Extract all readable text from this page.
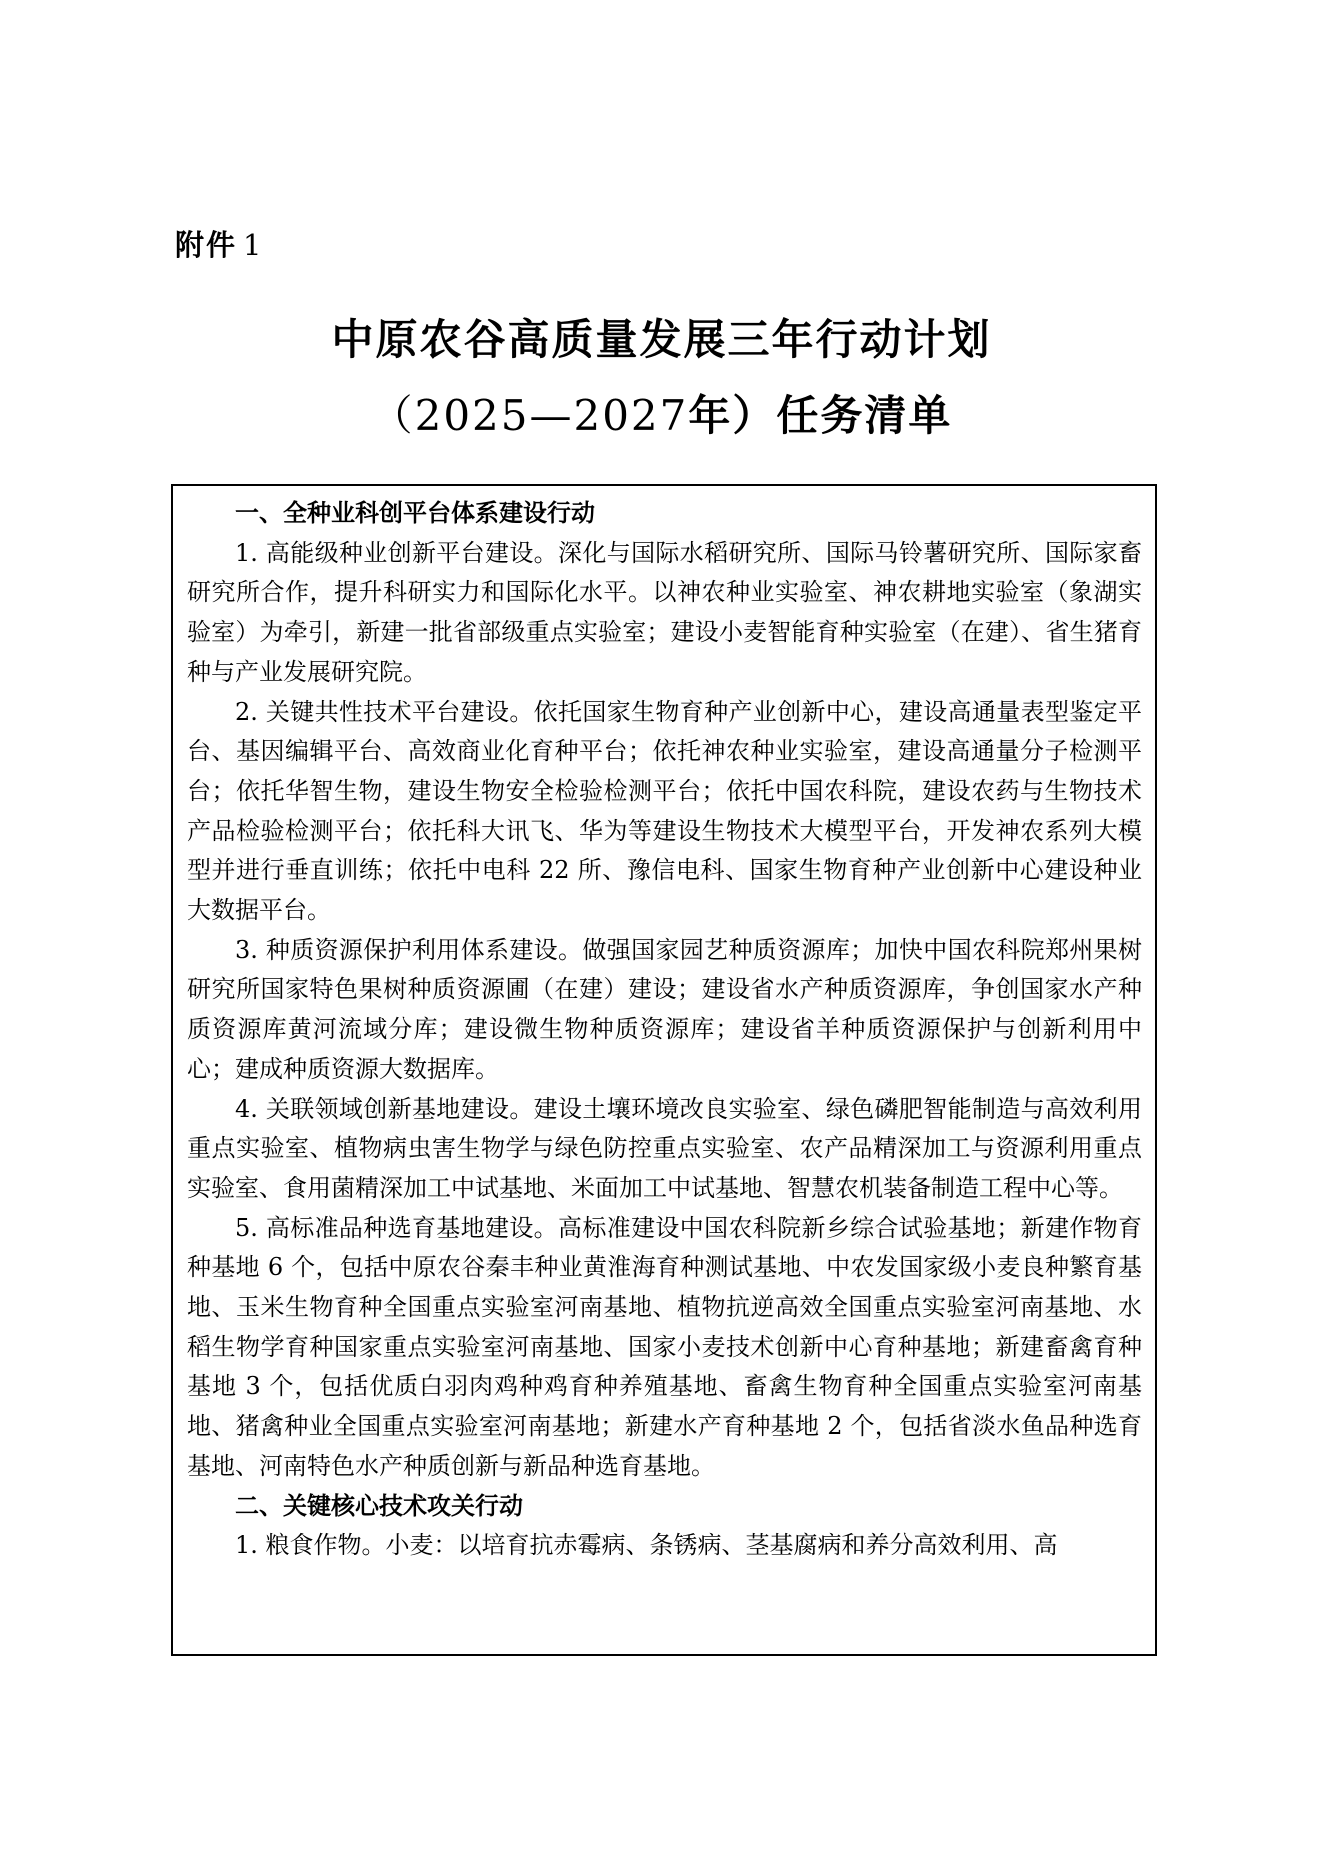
附件 1
中原农谷高质量发展三年行动计划
（2025—2027年）任务清单
一、全种业科创平台体系建设行动

1. 高能级种业创新平台建设。深化与国际水稻研究所、国际马铃薯研究所、国际家畜研究所合作，提升科研实力和国际化水平。以神农种业实验室、神农耕地实验室（象湖实验室）为牵引，新建一批省部级重点实验室；建设小麦智能育种实验室（在建）、省生猪育种与产业发展研究院。

2. 关键共性技术平台建设。依托国家生物育种产业创新中心，建设高通量表型鉴定平台、基因编辑平台、高效商业化育种平台；依托神农种业实验室，建设高通量分子检测平台；依托华智生物，建设生物安全检验检测平台；依托中国农科院，建设农药与生物技术产品检验检测平台；依托科大讯飞、华为等建设生物技术大模型平台，开发神农系列大模型并进行垂直训练；依托中电科 22 所、豫信电科、国家生物育种产业创新中心建设种业大数据平台。

3. 种质资源保护利用体系建设。做强国家园艺种质资源库；加快中国农科院郑州果树研究所国家特色果树种质资源圃（在建）建设；建设省水产种质资源库，争创国家水产种质资源库黄河流域分库；建设微生物种质资源库；建设省羊种质资源保护与创新利用中心；建成种质资源大数据库。

4. 关联领域创新基地建设。建设土壤环境改良实验室、绿色磷肥智能制造与高效利用重点实验室、植物病虫害生物学与绿色防控重点实验室、农产品精深加工与资源利用重点实验室、食用菌精深加工中试基地、米面加工中试基地、智慧农机装备制造工程中心等。

5. 高标准品种选育基地建设。高标准建设中国农科院新乡综合试验基地；新建作物育种基地 6 个，包括中原农谷秦丰种业黄淮海育种测试基地、中农发国家级小麦良种繁育基地、玉米生物育种全国重点实验室河南基地、植物抗逆高效全国重点实验室河南基地、水稻生物学育种国家重点实验室河南基地、国家小麦技术创新中心育种基地；新建畜禽育种基地 3 个，包括优质白羽肉鸡种鸡育种养殖基地、畜禽生物育种全国重点实验室河南基地、猪禽种业全国重点实验室河南基地；新建水产育种基地 2 个，包括省淡水鱼品种选育基地、河南特色水产种质创新与新品种选育基地。

二、关键核心技术攻关行动

1. 粮食作物。小麦：以培育抗赤霉病、条锈病、茎基腐病和养分高效利用、高
